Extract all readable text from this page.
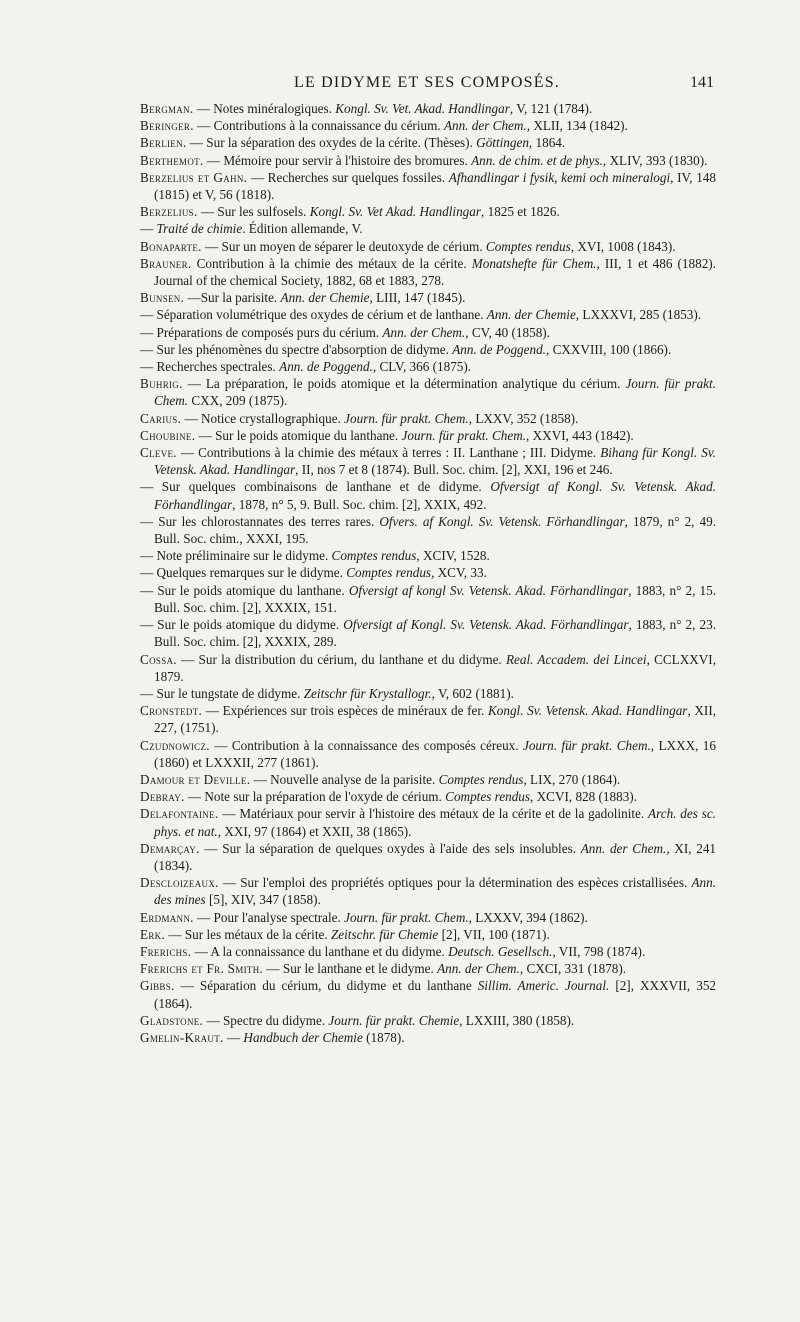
LE DIDYME ET SES COMPOSÉS.	141

Bergman. — Notes minéralogiques. Kongl. Sv. Vet. Akad. Handlingar, V, 121 (1784).

Beringer. — Contributions à la connaissance du cérium. Ann. der Chem., XLII, 134 (1842).

Berlien. — Sur la séparation des oxydes de la cérite. (Thèses). Göttingen, 1864.

Berthemot. — Mémoire pour servir à l'histoire des bromures. Ann. de chim. et de phys., XLIV, 393 (1830).

Berzelius et Gahn. — Recherches sur quelques fossiles. Afhandlingar i fysik, kemi och mineralogi, IV, 148 (1815) et V, 56 (1818).

Berzelius. — Sur les sulfosels. Kongl. Sv. Vet Akad. Handlingar, 1825 et 1826.

— Traité de chimie. Édition allemande, V.

Bonaparte. — Sur un moyen de séparer le deutoxyde de cérium. Comptes rendus, XVI, 1008 (1843).

Brauner. Contribution à la chimie des métaux de la cérite. Monatshefte für Chem., III, 1 et 486 (1882). Journal of the chemical Society, 1882, 68 et 1883, 278.

Bunsen. —Sur la parisite. Ann. der Chemie, LIII, 147 (1845).

— Séparation volumétrique des oxydes de cérium et de lanthane. Ann. der Chemie, LXXXVI, 285 (1853).

— Préparations de composés purs du cérium. Ann. der Chem., CV, 40 (1858).

— Sur les phénomènes du spectre d'absorption de didyme. Ann. de Poggend., CXXVIII, 100 (1866).

— Recherches spectrales. Ann. de Poggend., CLV, 366 (1875).

Buhrig. — La préparation, le poids atomique et la détermination analytique du cérium. Journ. für prakt. Chem. CXX, 209 (1875).

Carius. — Notice crystallographique. Journ. für prakt. Chem., LXXV, 352 (1858).

Choubine. — Sur le poids atomique du lanthane. Journ. für prakt. Chem., XXVI, 443 (1842).

Cleve. — Contributions à la chimie des métaux à terres : II. Lanthane ; III. Didyme. Bihang für Kongl. Sv. Vetensk. Akad. Handlingar, II, nos 7 et 8 (1874). Bull. Soc. chim. [2], XXI, 196 et 246.

— Sur quelques combinaisons de lanthane et de didyme. Ofversigt af Kongl. Sv. Vetensk. Akad. Förhandlingar, 1878, n° 5, 9. Bull. Soc. chim. [2], XXIX, 492.

— Sur les chlorostannates des terres rares. Ofvers. af Kongl. Sv. Vetensk. Förhandlingar, 1879, n° 2, 49. Bull. Soc. chim., XXXI, 195.

— Note préliminaire sur le didyme. Comptes rendus, XCIV, 1528.

— Quelques remarques sur le didyme. Comptes rendus, XCV, 33.

— Sur le poids atomique du lanthane. Ofversigt af kongl Sv. Vetensk. Akad. Förhandlingar, 1883, n° 2, 15. Bull. Soc. chim. [2], XXXIX, 151.

— Sur le poids atomique du didyme. Ofversigt af Kongl. Sv. Vetensk. Akad. Förhandlingar, 1883, n° 2, 23. Bull. Soc. chim. [2], XXXIX, 289.

Cossa. — Sur la distribution du cérium, du lanthane et du didyme. Real. Accadem. dei Lincei, CCLXXVI, 1879.

— Sur le tungstate de didyme. Zeitschr für Krystallogr., V, 602 (1881).

Cronstedt. — Expériences sur trois espèces de minéraux de fer. Kongl. Sv. Vetensk. Akad. Handlingar, XII, 227, (1751).

Czudnowicz. — Contribution à la connaissance des composés céreux. Journ. für prakt. Chem., LXXX, 16 (1860) et LXXXII, 277 (1861).

Damour et Deville. — Nouvelle analyse de la parisite. Comptes rendus, LIX, 270 (1864).

Debray. — Note sur la préparation de l'oxyde de cérium. Comptes rendus, XCVI, 828 (1883).

Delafontaine. — Matériaux pour servir à l'histoire des métaux de la cérite et de la gadolinite. Arch. des sc. phys. et nat., XXI, 97 (1864) et XXII, 38 (1865).

Demarçay. — Sur la séparation de quelques oxydes à l'aide des sels insolubles. Ann. der Chem., XI, 241 (1834).

Descloizeaux. — Sur l'emploi des propriétés optiques pour la détermination des espèces cristallisées. Ann. des mines [5], XIV, 347 (1858).

Erdmann. — Pour l'analyse spectrale. Journ. für prakt. Chem., LXXXV, 394 (1862).

Erk. — Sur les métaux de la cérite. Zeitschr. für Chemie [2], VII, 100 (1871).

Frerichs. — A la connaissance du lanthane et du didyme. Deutsch. Gesellsch., VII, 798 (1874).

Frerichs et Fr. Smith. — Sur le lanthane et le didyme. Ann. der Chem., CXCI, 331 (1878).

Gibbs. — Séparation du cérium, du didyme et du lanthane Sillim. Americ. Journal. [2], XXXVII, 352 (1864).

Gladstone. — Spectre du didyme. Journ. für prakt. Chemie, LXXIII, 380 (1858).

Gmelin-Kraut. — Handbuch der Chemie (1878).
